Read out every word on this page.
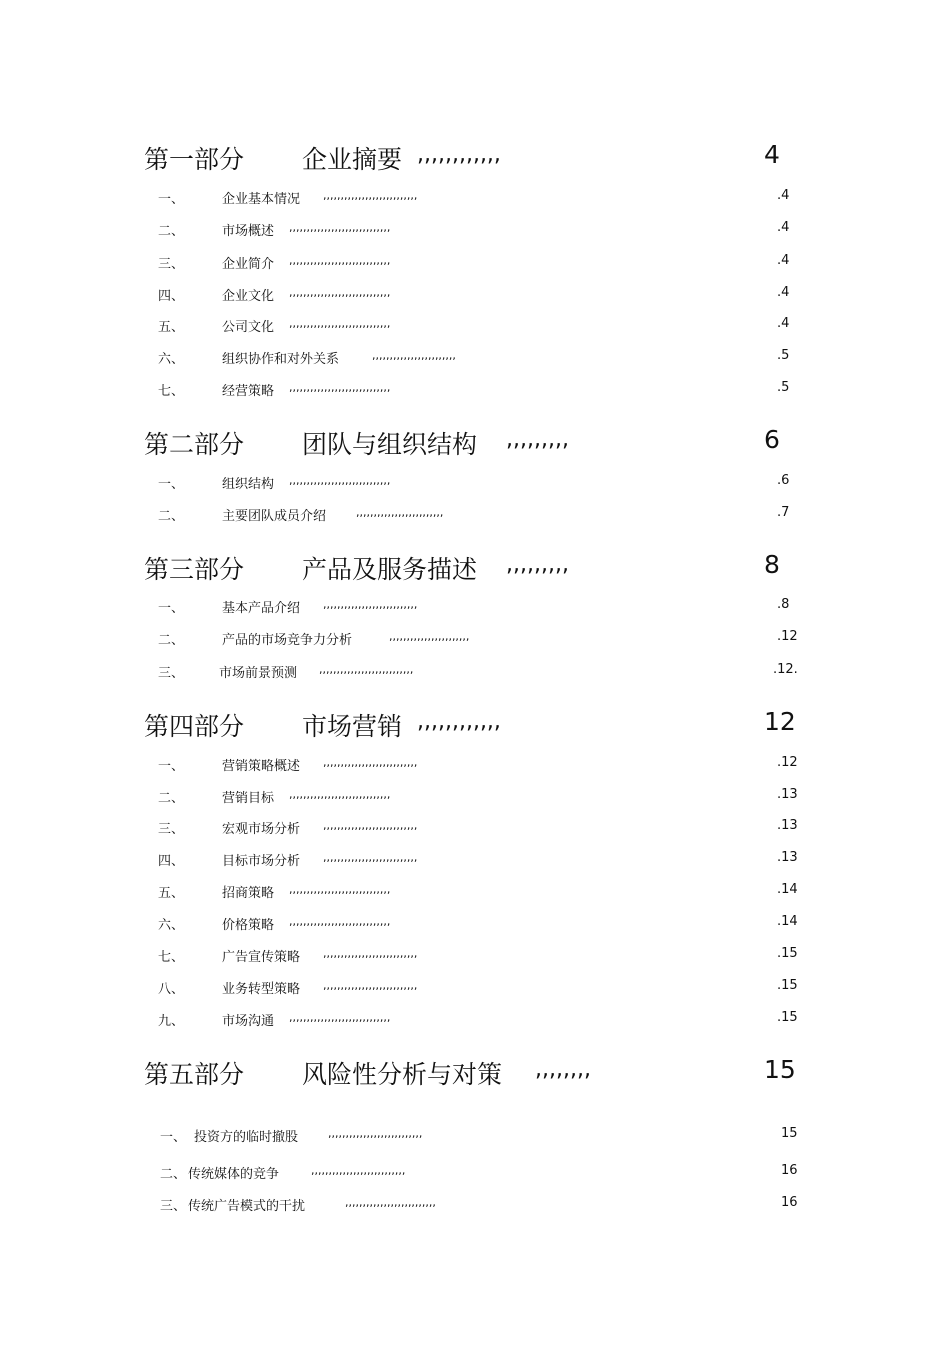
第一部分 企业摘要 ,,,,,,,,,,,,	4
一、	企业基本情况 ,,,,,,,,,,,,,,,,,,,,,,,,,,,	.4
二、	市场概述 ,,,,,,,,,,,,,,,,,,,,,,,,,,,,,	.4
三、	企业简介 ,,,,,,,,,,,,,,,,,,,,,,,,,,,,,	.4
四、	企业文化 ,,,,,,,,,,,,,,,,,,,,,,,,,,,,,	.4
五、	公司文化 ,,,,,,,,,,,,,,,,,,,,,,,,,,,,,	.4
六、	组织协作和对外关系	,,,,,,,,,,,,,,,,,,,,,,,,	.5
七、	经营策略 ,,,,,,,,,,,,,,,,,,,,,,,,,,,,,	.5
第二部分 团队与组织结构 ,,,,,,,,,	6
一、	组织结构 ,,,,,,,,,,,,,,,,,,,,,,,,,,,,,	.6
二、	主要团队成员介绍	,,,,,,,,,,,,,,,,,,,,,,,,,	.7
第三部分 产品及服务描述 ,,,,,,,,,	8
一、	基本产品介绍 ,,,,,,,,,,,,,,,,,,,,,,,,,,,	.8
二、	产品的市场竞争力分析	,,,,,,,,,,,,,,,,,,,,,,,	.12
三、	市场前景预测 ,,,,,,,,,,,,,,,,,,,,,,,,,,,	.12.
第四部分 市场营销 ,,,,,,,,,,,,	12
一、	营销策略概述 ,,,,,,,,,,,,,,,,,,,,,,,,,,,	.12
二、	营销目标 ,,,,,,,,,,,,,,,,,,,,,,,,,,,,,	.13
三、	宏观市场分析 ,,,,,,,,,,,,,,,,,,,,,,,,,,,	.13
四、	目标市场分析 ,,,,,,,,,,,,,,,,,,,,,,,,,,,	.13
五、	招商策略 ,,,,,,,,,,,,,,,,,,,,,,,,,,,,,	.14
六、	价格策略 ,,,,,,,,,,,,,,,,,,,,,,,,,,,,,	.14
七、	广告宣传策略 ,,,,,,,,,,,,,,,,,,,,,,,,,,,	.15
八、	业务转型策略 ,,,,,,,,,,,,,,,,,,,,,,,,,,,	.15
九、	市场沟通 ,,,,,,,,,,,,,,,,,,,,,,,,,,,,,	.15
第五部分 风险性分析与对策 ,,,,,,,,	15
一、 投资方的临时撤股	,,,,,,,,,,,,,,,,,,,,,,,,,,,	15
二、 传统媒体的竞争	,,,,,,,,,,,,,,,,,,,,,,,,,,,	16
三、 传统广告模式的干扰	,,,,,,,,,,,,,,,,,,,,,,,,,,	16
